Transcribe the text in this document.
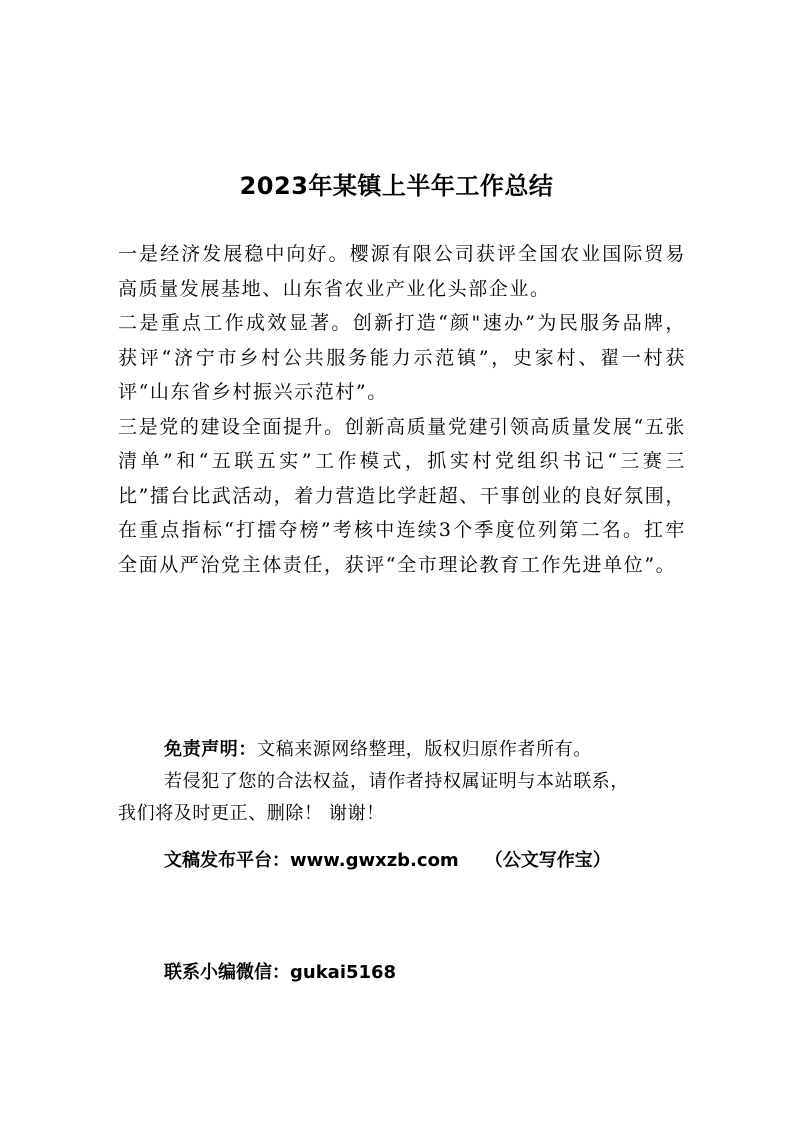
2023年某镇上半年工作总结

一是经济发展稳中向好。樱源有限公司获评全国农业国际贸易高质量发展基地、山东省农业产业化头部企业。

二是重点工作成效显著。创新打造“颜"速办”为民服务品牌，获评“济宁市乡村公共服务能力示范镇”，史家村、翟一村获评“山东省乡村振兴示范村”。

三是党的建设全面提升。创新高质量党建引领高质量发展“五张清单”和“五联五实”工作模式，抓实村党组织书记“三赛三比”擂台比武活动，着力营造比学赶超、干事创业的良好氛围，在重点指标“打擂夺榜”考核中连续3个季度位列第二名。扛牢全面从严治党主体责任，获评“全市理论教育工作先进单位”。

免责声明：文稿来源网络整理，版权归原作者所有。

若侵犯了您的合法权益，请作者持权属证明与本站联系，

我们将及时更正、删除！ 谢谢！

文稿发布平台：www.gwxzb.com （公文写作宝）
联系小编微信：gukai5168
